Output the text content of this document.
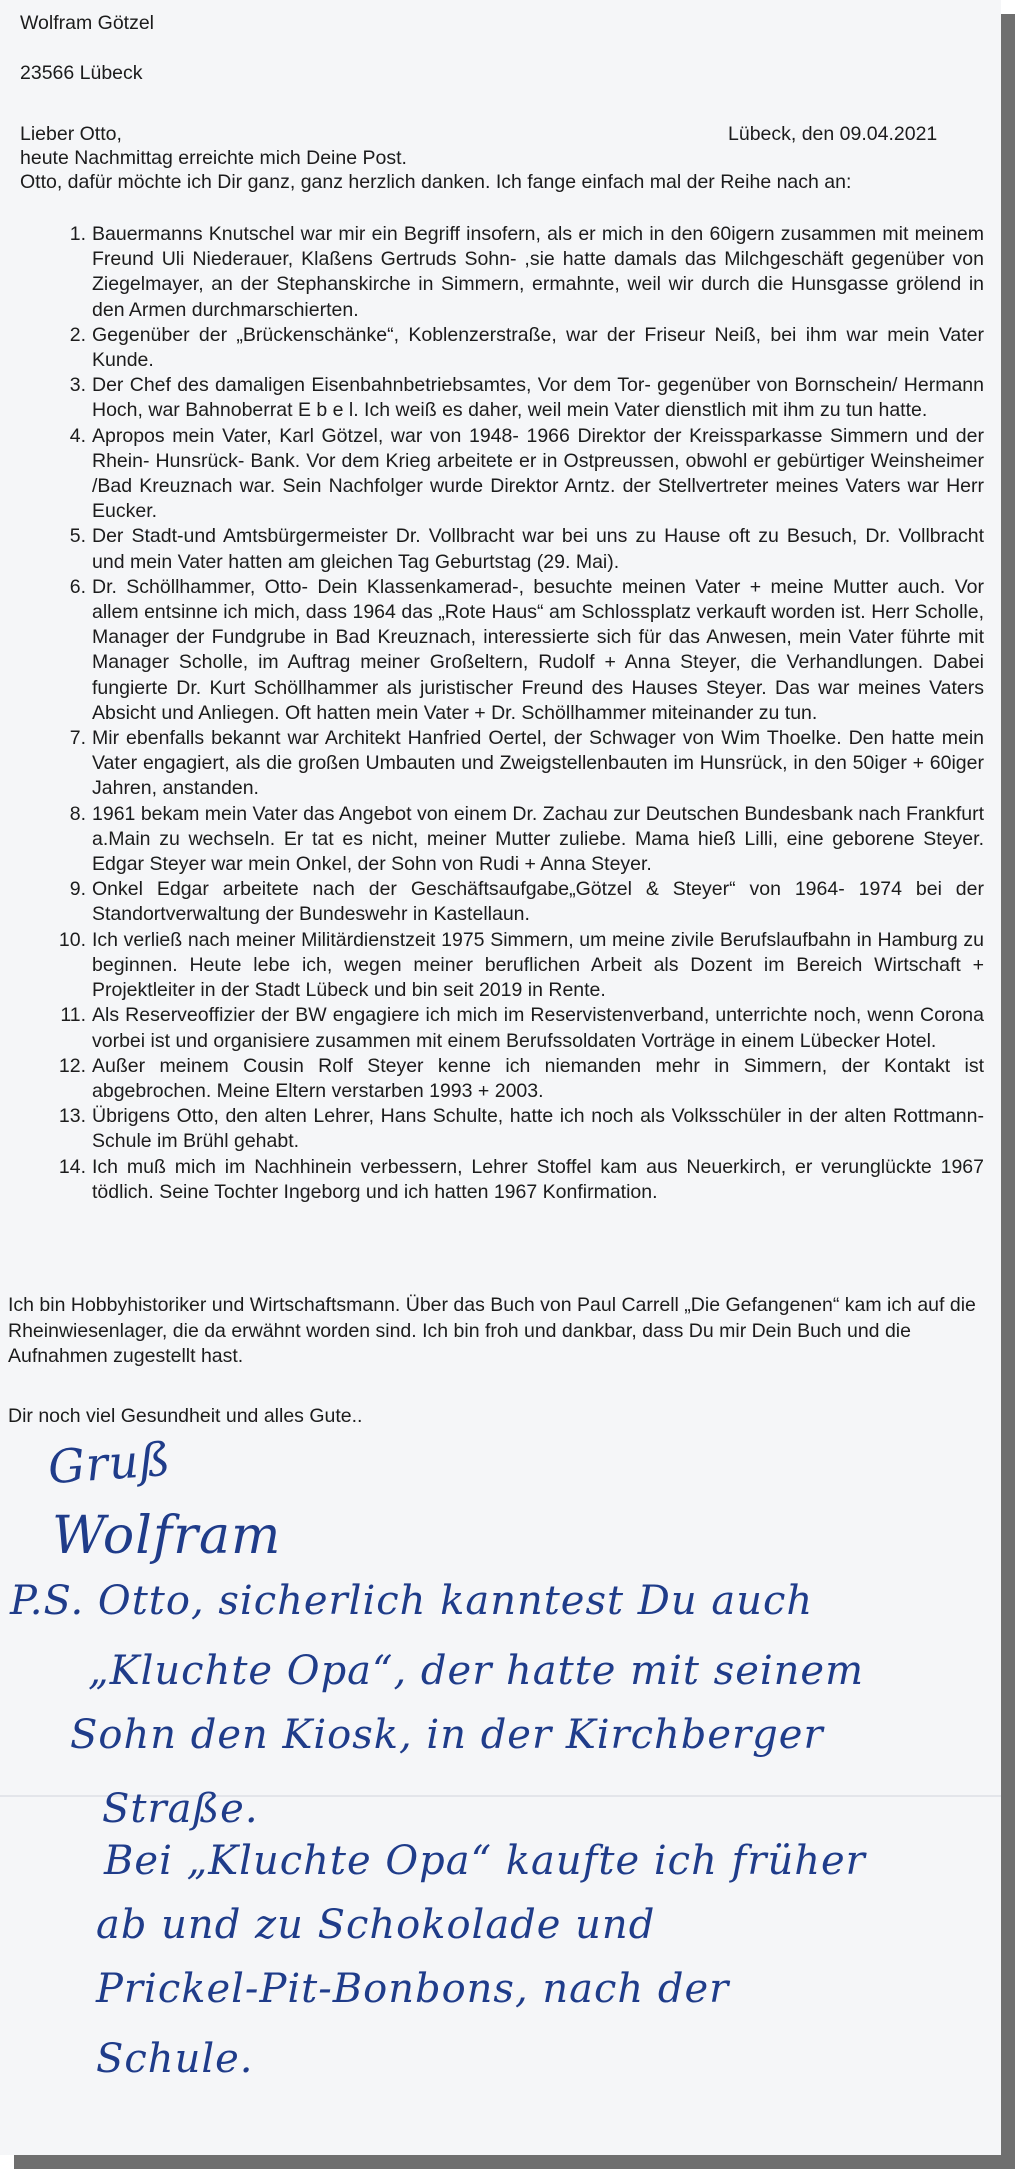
Wolfram Götzel
23566 Lübeck
Lieber Otto,	Lübeck, den 09.04.2021
heute Nachmittag erreichte mich Deine Post.
Otto, dafür möchte ich Dir ganz, ganz herzlich danken. Ich fange einfach mal der Reihe nach an:
1. Bauermanns Knutschel war mir ein Begriff insofern, als er mich in den 60igern zusammen mit meinem Freund Uli Niederauer, Klaßens Gertruds Sohn- ,sie hatte damals das Milchgeschäft gegenüber von Ziegelmayer, an der Stephanskirche in Simmern, ermahnte, weil wir durch die Hunsgasse grölend in den Armen durchmarschierten.
2. Gegenüber der „Brückenschänke“, Koblenzerstraße, war der Friseur Neiß, bei ihm war mein Vater Kunde.
3. Der Chef des damaligen Eisenbahnbetriebsamtes, Vor dem Tor- gegenüber von Bornschein/ Hermann Hoch, war Bahnoberrat E b e l. Ich weiß es daher, weil mein Vater dienstlich mit ihm zu tun hatte.
4. Apropos mein Vater, Karl Götzel, war von 1948- 1966 Direktor der Kreissparkasse Simmern und der Rhein- Hunsrück- Bank. Vor dem Krieg arbeitete er in Ostpreussen, obwohl er gebürtiger Weinsheimer /Bad Kreuznach war. Sein Nachfolger wurde Direktor Arntz. der Stellvertreter meines Vaters war Herr Eucker.
5. Der Stadt-und Amtsbürgermeister Dr. Vollbracht war bei uns zu Hause oft zu Besuch, Dr. Vollbracht und mein Vater hatten am gleichen Tag Geburtstag (29. Mai).
6. Dr. Schöllhammer, Otto- Dein Klassenkamerad-, besuchte meinen Vater + meine Mutter auch. Vor allem entsinne ich mich, dass 1964 das „Rote Haus“ am Schlossplatz verkauft worden ist. Herr Scholle, Manager der Fundgrube in Bad Kreuznach, interessierte sich für das Anwesen, mein Vater führte mit Manager Scholle, im Auftrag meiner Großeltern, Rudolf + Anna Steyer, die Verhandlungen. Dabei fungierte Dr. Kurt Schöllhammer als juristischer Freund des Hauses Steyer. Das war meines Vaters Absicht und Anliegen. Oft hatten mein Vater + Dr. Schöllhammer miteinander zu tun.
7. Mir ebenfalls bekannt war Architekt Hanfried Oertel, der Schwager von Wim Thoelke. Den hatte mein Vater engagiert, als die großen Umbauten und Zweigstellenbauten im Hunsrück, in den 50iger + 60iger Jahren, anstanden.
8. 1961 bekam mein Vater das Angebot von einem Dr. Zachau zur Deutschen Bundesbank nach Frankfurt a.Main zu wechseln. Er tat es nicht, meiner Mutter zuliebe. Mama hieß Lilli, eine geborene Steyer. Edgar Steyer war mein Onkel, der Sohn von Rudi + Anna Steyer.
9. Onkel Edgar arbeitete nach der Geschäftsaufgabe„Götzel & Steyer“ von 1964- 1974 bei der Standortverwaltung der Bundeswehr in Kastellaun.
10. Ich verließ nach meiner Militärdienstzeit 1975 Simmern, um meine zivile Berufslaufbahn in Hamburg zu beginnen. Heute lebe ich, wegen meiner beruflichen Arbeit als Dozent im Bereich Wirtschaft + Projektleiter in der Stadt Lübeck und bin seit 2019 in Rente.
11. Als Reserveoffizier der BW engagiere ich mich im Reservistenverband, unterrichte noch, wenn Corona vorbei ist und organisiere zusammen mit einem Berufssoldaten Vorträge in einem Lübecker Hotel.
12. Außer meinem Cousin Rolf Steyer kenne ich niemanden mehr in Simmern, der Kontakt ist abgebrochen. Meine Eltern verstarben 1993 + 2003.
13. Übrigens Otto, den alten Lehrer, Hans Schulte, hatte ich noch als Volksschüler in der alten Rottmann-Schule im Brühl gehabt.
14. Ich muß mich im Nachhinein verbessern, Lehrer Stoffel kam aus Neuerkirch, er verunglückte 1967 tödlich. Seine Tochter Ingeborg und ich hatten 1967 Konfirmation.
Ich bin Hobbyhistoriker und Wirtschaftsmann. Über das Buch von Paul Carrell „Die Gefangenen“ kam ich auf die Rheinwiesenlager, die da erwähnt worden sind. Ich bin froh und dankbar, dass Du mir Dein Buch und die Aufnahmen zugestellt hast.
Dir noch viel Gesundheit und alles Gute..
Gruß
Wolfram
P.S. Otto, sicherlich kanntest Du auch
„Kluchte Opa“, der hatte mit seinem
Sohn den Kiosk, in der Kirchberger
Straße.
Bei „Kluchte Opa“ kaufte ich früher
ab und zu Schokolade und
Prickel-Pit-Bonbons, nach der
Schule.
